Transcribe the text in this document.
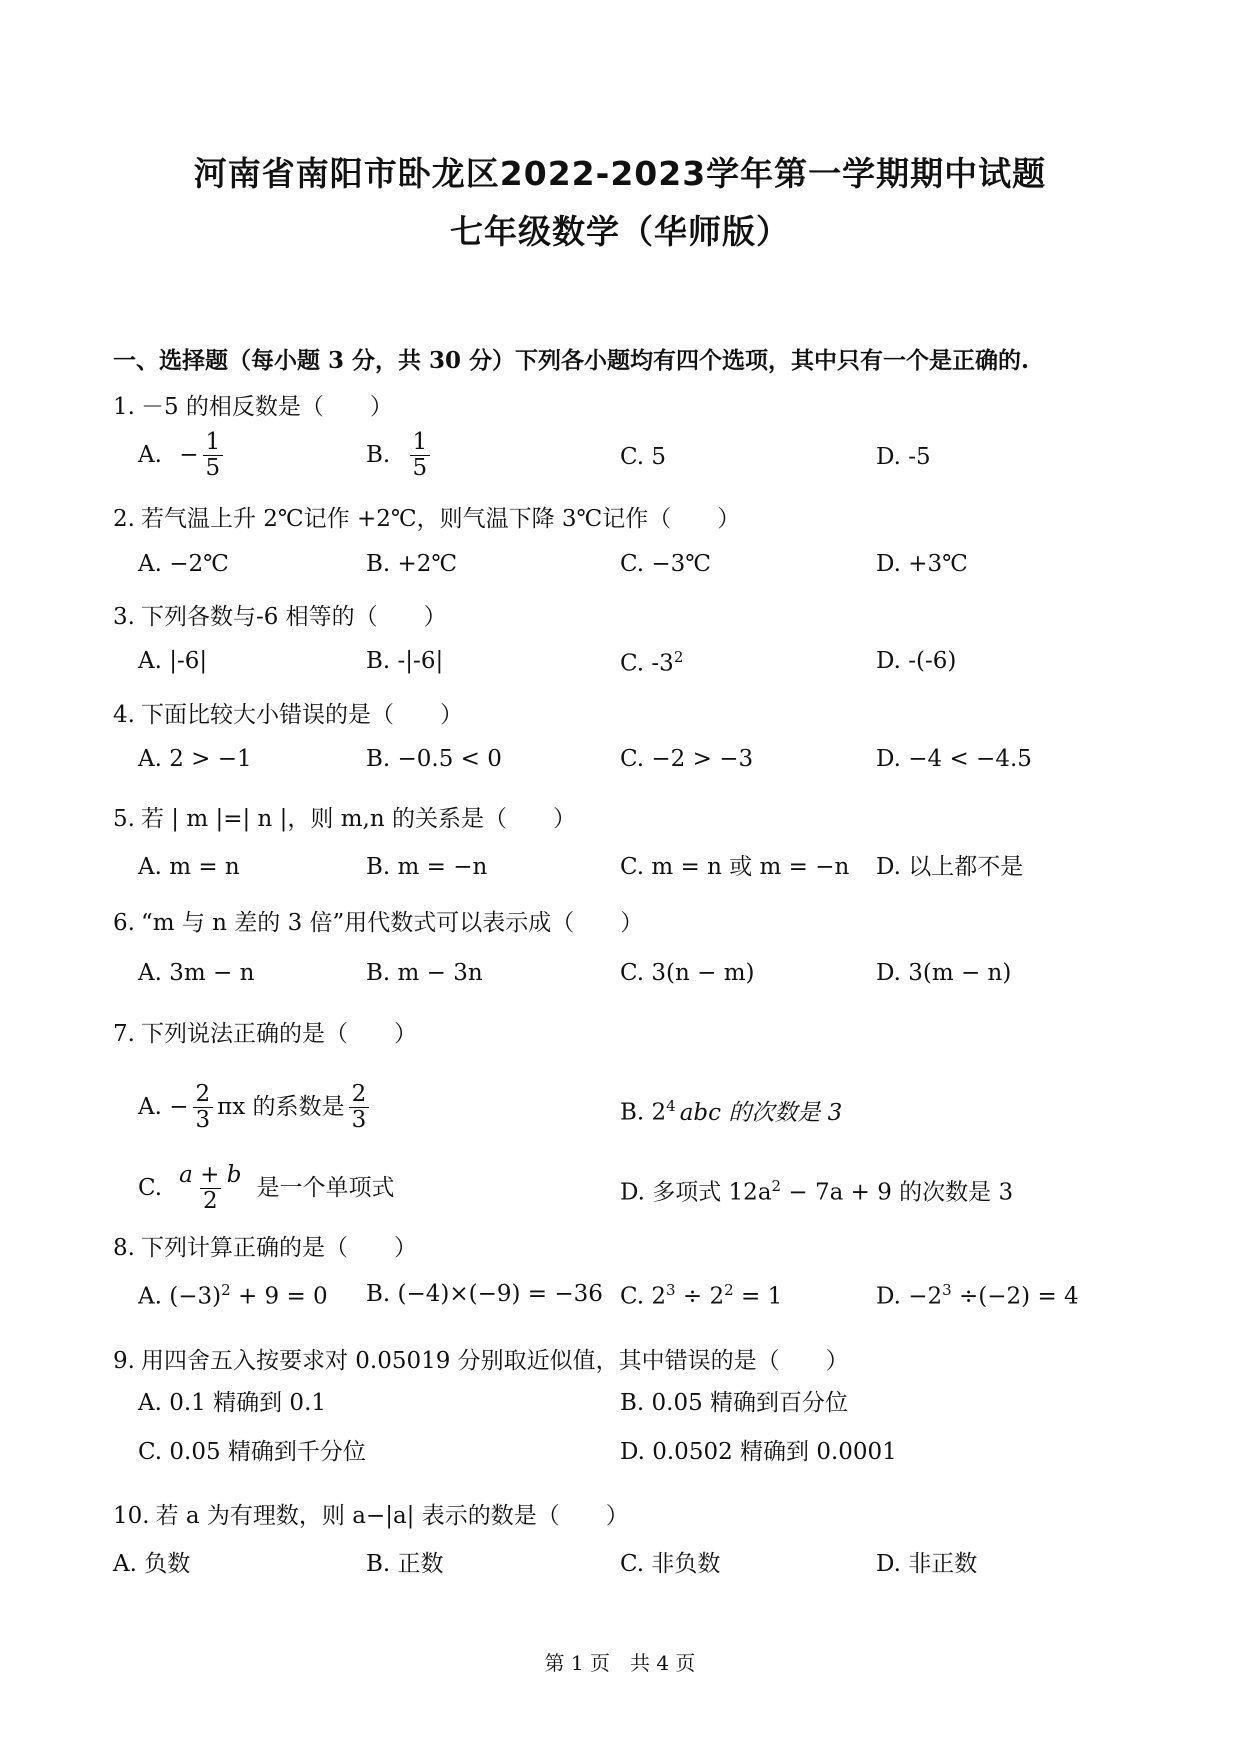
河南省南阳市卧龙区2022-2023学年第一学期期中试题
七年级数学（华师版）
一、选择题（每小题 3 分，共 30 分）下列各小题均有四个选项，其中只有一个是正确的.
1. －5 的相反数是（　　）
A. − $\frac{1}{5}$	B. $\frac{1}{5}$	C. 5	D. -5
2. 若气温上升 2℃记作 +2℃，则气温下降 3℃记作（　　）
A. −2℃	B. +2℃	C. −3℃	D. +3℃
3. 下列各数与-6 相等的（　　）
A. |-6|	B. -|-6|	C. $-3^2$	D. -(-6)
4. 下面比较大小错误的是（　　）
A. 2 > −1	B. −0.5 < 0	C. −2 > −3	D. −4 < −4.5
5. 若 | m |=| n |，则 m,n 的关系是（　　）
A. m = n	B. m = −n	C. m = n 或 m = −n D. 以上都不是
6. “m 与 n 差的 3 倍”用代数式可以表示成（　　）
A. 3m − n	B. m − 3n	C. 3(n − m)	D. 3(m − n)
7. 下列说法正确的是（　　）
A. − $\frac{2}{3}$ πx 的系数是 $\frac{2}{3}$	B. $2^4$ abc 的次数是 3
C. $\frac{a + b}{2}$ 是一个单项式	D. 多项式 $12a^2 - 7a + 9$ 的次数是 3
8. 下列计算正确的是（　　）
A. $(-3)^2 + 9 = 0$ B. (−4)×(−9) = −36 C. $2^3 \div 2^2 = 1$	D. $-2^3 \div(-2) = 4$
9. 用四舍五入按要求对 0.05019 分别取近似值，其中错误的是（　　）
A. 0.1 精确到 0.1	B. 0.05 精确到百分位
C. 0.05 精确到千分位	D. 0.0502 精确到 0.0001
10. 若 a 为有理数，则 a−|a| 表示的数是（　　）
A. 负数	B. 正数	C. 非负数	D. 非正数
第 1 页　共 4 页
